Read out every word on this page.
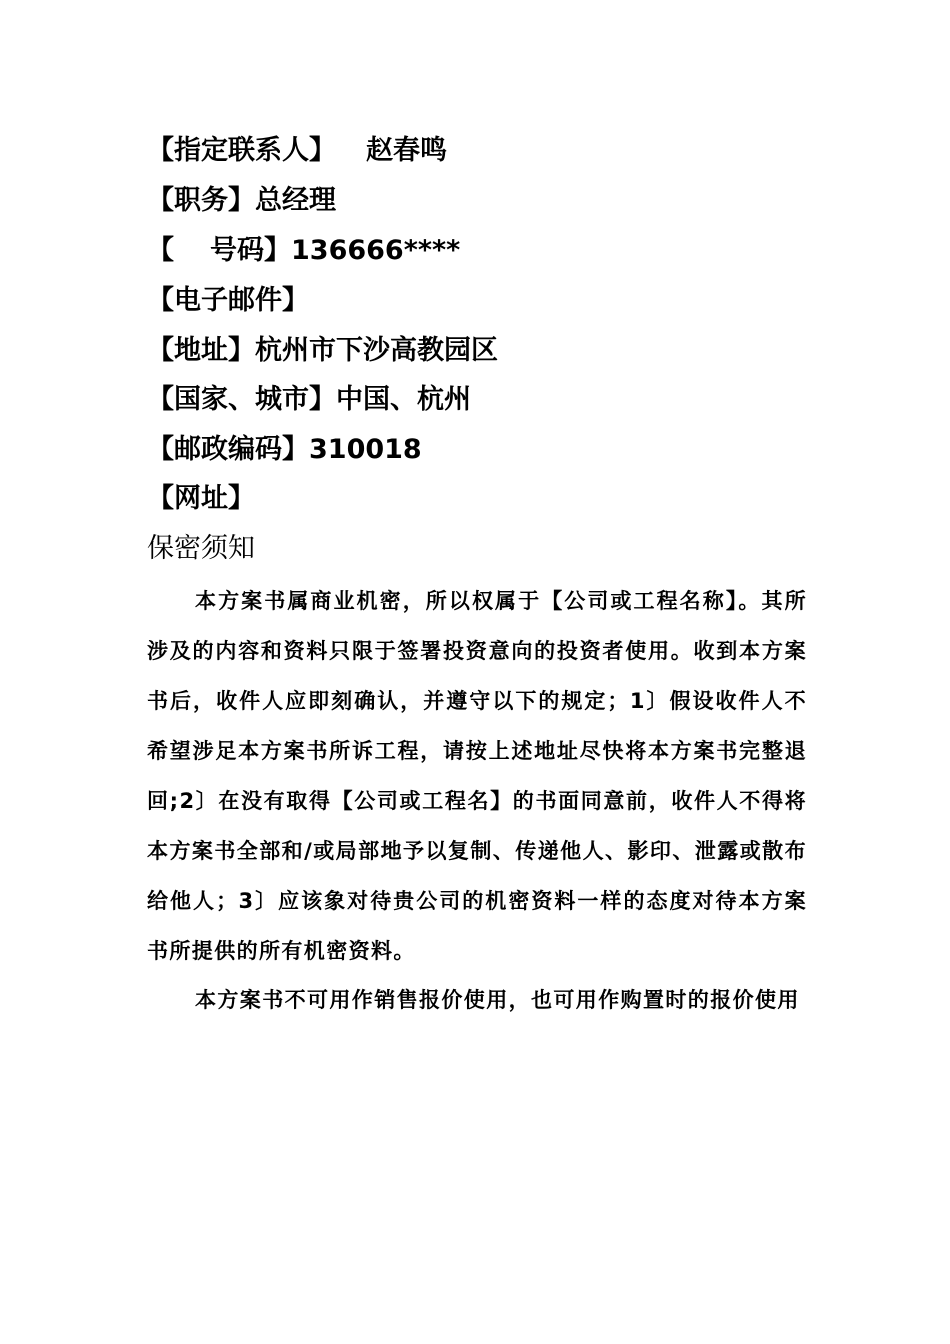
【指定联系人】 赵春鸣
【职务】总经理
【 号码】136666****
【电子邮件】
【地址】杭州市下沙高教园区
【国家、城市】中国、杭州
【邮政编码】310018
【网址】
保密须知

本方案书属商业机密，所以权属于【公司或工程名称】。其所涉及的内容和资料只限于签署投资意向的投资者使用。收到本方案书后，收件人应即刻确认，并遵守以下的规定；1〕假设收件人不希望涉足本方案书所诉工程，请按上述地址尽快将本方案书完整退回;2〕在没有取得【公司或工程名】的书面同意前，收件人不得将本方案书全部和/或局部地予以复制、传递他人、影印、泄露或散布给他人；3〕应该象对待贵公司的机密资料一样的态度对待本方案书所提供的所有机密资料。

本方案书不可用作销售报价使用，也可用作购置时的报价使用
